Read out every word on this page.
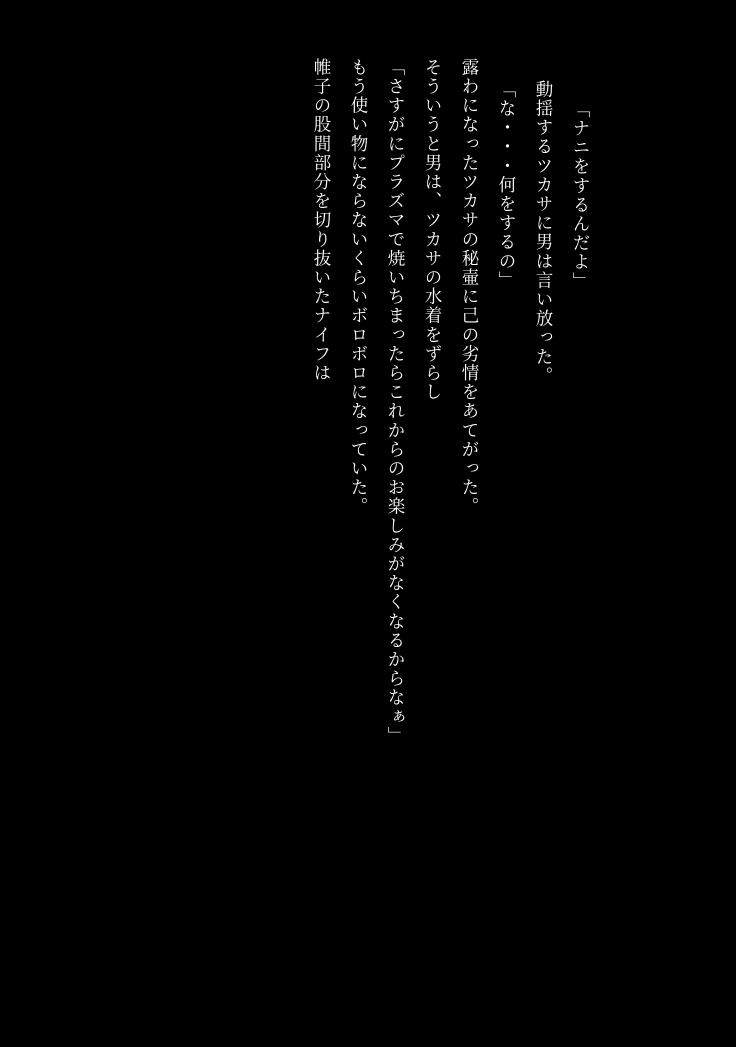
帷子の股間部分を切り抜いたナイフは もう使い物にならないくらいボロボロになっていた。 「さすがにプラズマで焼いちまったらこれからのお楽しみがなくなるからなぁ」 そういうと男は、ツカサの水着をずらし 露わになったツカサの秘壷に己の劣情をあてがった。 「な・・・何をするの」 動揺するツカサに男は言い放った。 「ナニをするんだよ」
